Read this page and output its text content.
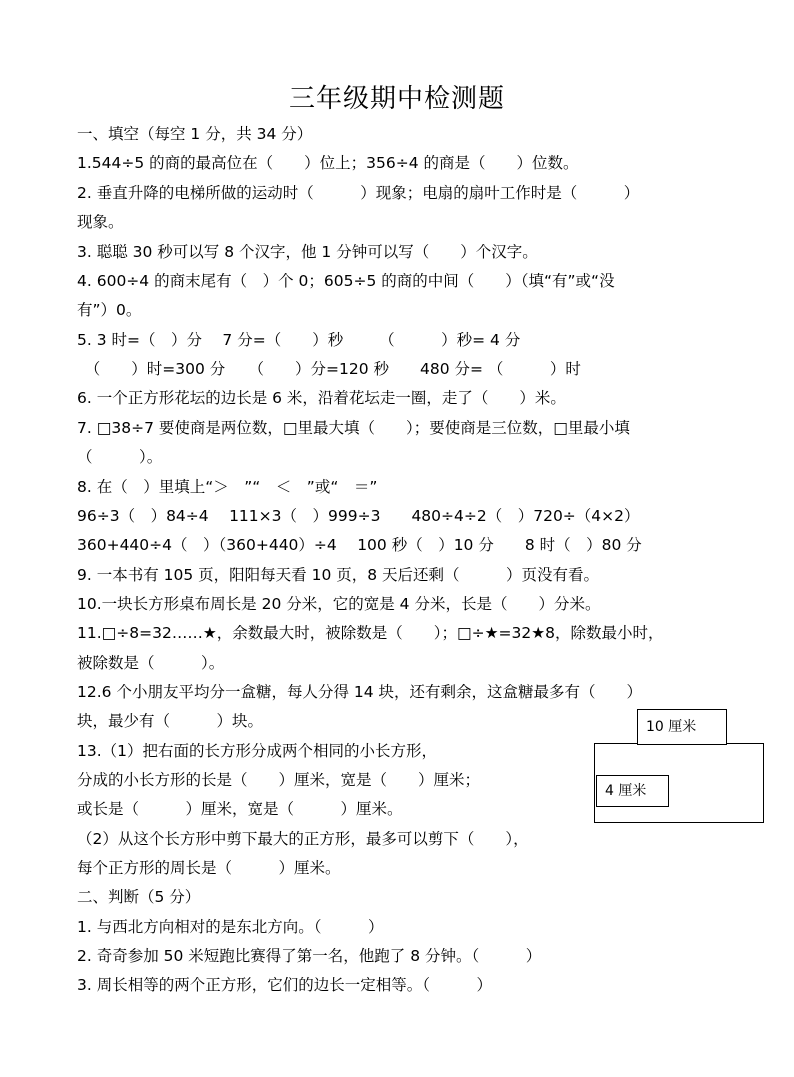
三年级期中检测题
一、填空（每空 1 分，共 34 分）
1.544÷5 的商的最高位在（　　）位上；356÷4 的商是（　　）位数。
2. 垂直升降的电梯所做的运动时（　　　）现象；电扇的扇叶工作时是（　　　）
现象。
3. 聪聪 30 秒可以写 8 个汉字，他 1 分钟可以写（　　）个汉字。
4. 600÷4 的商末尾有（　）个 0；605÷5 的商的中间（　　）（填“有”或“没
有”）0。
5. 3 时=（　）分　 7 分=（　　）秒　　 （　　　）秒= 4 分
　（　　）时=300 分　　（　　）分=120 秒　　480 分= （　　　）时
6. 一个正方形花坛的边长是 6 米，沿着花坛走一圈，走了（　　）米。
7. □38÷7 要使商是两位数，□里最大填（　　）；要使商是三位数，□里最小填
（　　　）。
8. 在（　）里填上“＞　”“　＜　”或“　＝”
96÷3（　）84÷4　 111×3（　）999÷3　　480÷4÷2（　）720÷（4×2）
360+440÷4（　）（360+440）÷4　 100 秒（　）10 分　　8 时（　）80 分
9. 一本书有 105 页，阳阳每天看 10 页，8 天后还剩（　　　）页没有看。
10.一块长方形桌布周长是 20 分米，它的宽是 4 分米，长是（　　）分米。
11.□÷8=32……★，余数最大时，被除数是（　　）；□÷★=32★8，除数最小时，
被除数是（　　　）。
12.6 个小朋友平均分一盒糖，每人分得 14 块，还有剩余，这盒糖最多有（　　）
块，最少有（　　　）块。
13.（1）把右面的长方形分成两个相同的小长方形，
分成的小长方形的长是（　　）厘米，宽是（　　）厘米；
或长是（　　　）厘米，宽是（　　　）厘米。
（2）从这个长方形中剪下最大的正方形，最多可以剪下（　　），
每个正方形的周长是（　　　）厘米。
二、判断（5 分）
1. 与西北方向相对的是东北方向。（　　　）
2. 奇奇参加 50 米短跑比赛得了第一名，他跑了 8 分钟。（　　　）
3. 周长相等的两个正方形，它们的边长一定相等。（　　　）
10 厘米
4 厘米
